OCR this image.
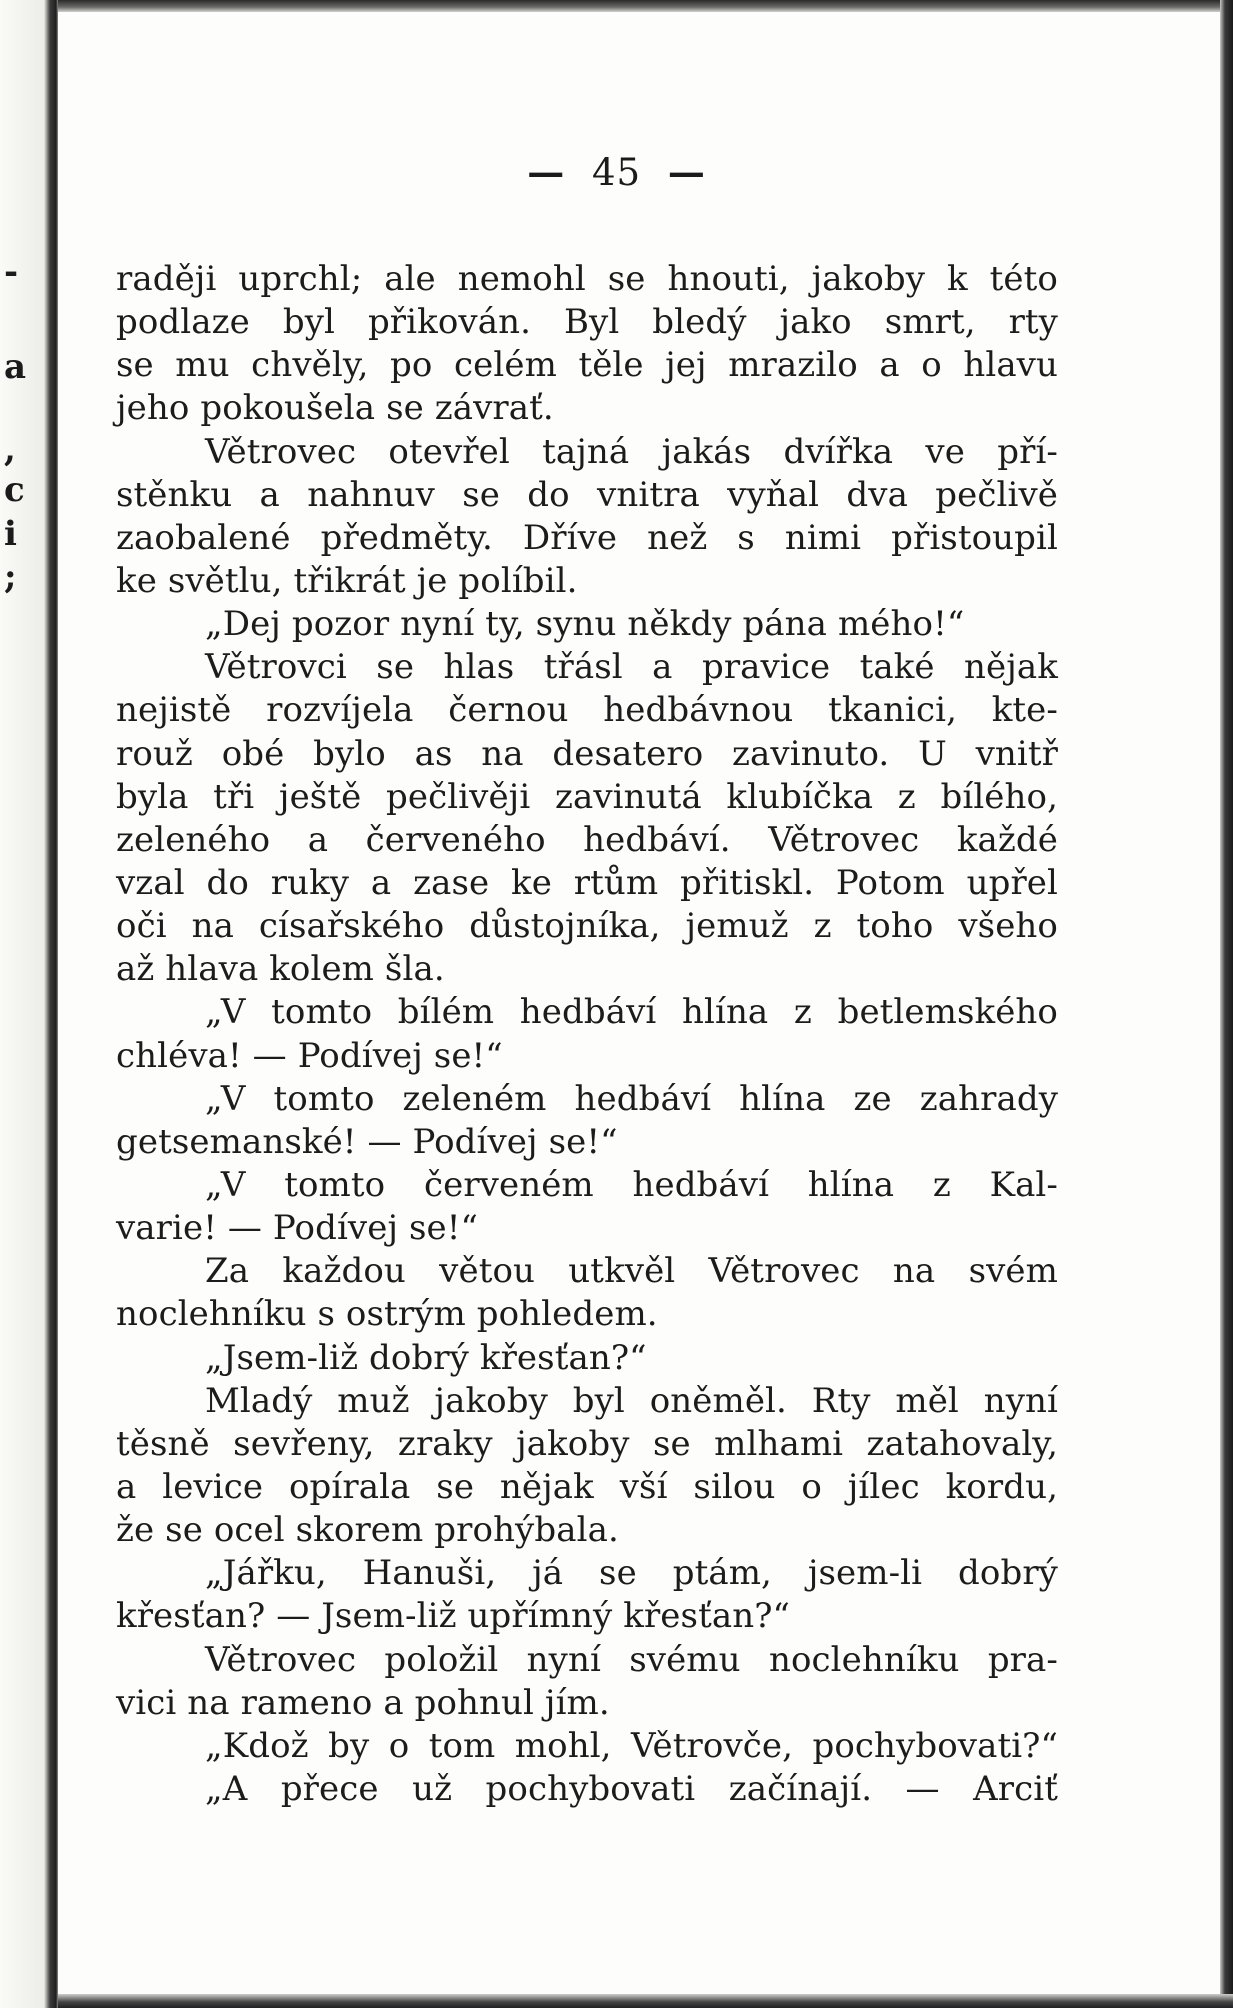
-
a
,
c
i
;
— 45 —
raději uprchl; ale nemohl se hnouti, jakoby k této
podlaze byl přikován. Byl bledý jako smrt, rty
se mu chvěly, po celém těle jej mrazilo a o hlavu
jeho pokoušela se závrať.
Větrovec otevřel tajná jakás dvířka ve pří-
stěnku a nahnuv se do vnitra vyňal dva pečlivě
zaobalené předměty. Dříve než s nimi přistoupil
ke světlu, třikrát je políbil.
„Dej pozor nyní ty, synu někdy pána mého!“
Větrovci se hlas třásl a pravice také nějak
nejistě rozvíjela černou hedbávnou tkanici, kte-
rouž obé bylo as na desatero zavinuto. U vnitř
byla tři ještě pečlivěji zavinutá klubíčka z bílého,
zeleného a červeného hedbáví. Větrovec každé
vzal do ruky a zase ke rtům přitiskl. Potom upřel
oči na císařského důstojníka, jemuž z toho všeho
až hlava kolem šla.
„V tomto bílém hedbáví hlína z betlemského
chléva! — Podívej se!“
„V tomto zeleném hedbáví hlína ze zahrady
getsemanské! — Podívej se!“
„V tomto červeném hedbáví hlína z Kal-
varie! — Podívej se!“
Za každou větou utkvěl Větrovec na svém
noclehníku s ostrým pohledem.
„Jsem-liž dobrý křesťan?“
Mladý muž jakoby byl oněměl. Rty měl nyní
těsně sevřeny, zraky jakoby se mlhami zatahovaly,
a levice opírala se nějak vší silou o jílec kordu,
že se ocel skorem prohýbala.
„Jářku, Hanuši, já se ptám, jsem-li dobrý
křesťan? — Jsem-liž upřímný křesťan?“
Větrovec položil nyní svému noclehníku pra-
vici na rameno a pohnul jím.
„Kdož by o tom mohl, Větrovče, pochybovati?“
„A přece už pochybovati začínají. — Arciť
